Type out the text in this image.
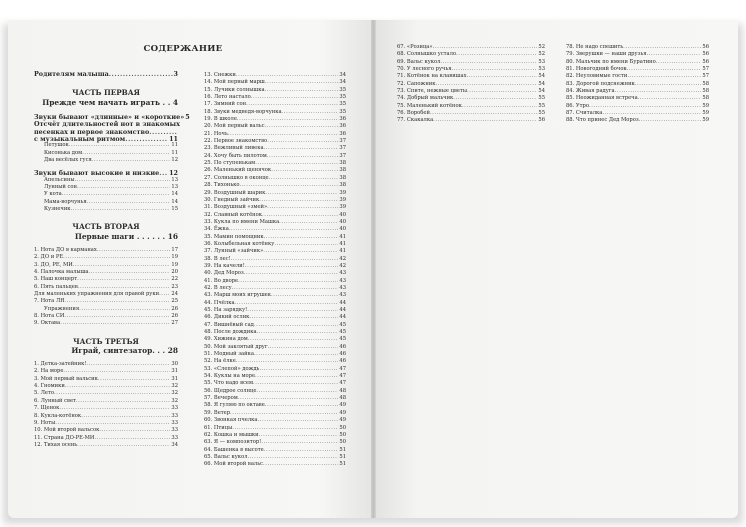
СОДЕРЖАНИЕ
Родителям малыша .....	3
ЧАСТЬ ПЕРВАЯ
Прежде чем начать играть . . 4
Звуки бывают «длинные» и «короткие» 5
Отсчёт длительностей нот в знакомых
песенках и первое знакомство
.....
с музыкальным ритмом .....	11
Петушок .....	11
Кисонька дом .....	11
Два весёлых гуся .....	12
Звуки бывают высокие и низкие ..... 12
Апельсины .....	13
Лунный сон .....	13
У кота .....	14
Мама-ворчунья .....	14
Кузнечик .....	15
ЧАСТЬ ВТОРАЯ
Первые шаги . . . . . . 16
1. Нота ДО в карманах .....	17
2. ДО и РЕ .....	19
3. ДО, РЕ, МИ .....	19
4. Палочка малыша .....	20
5. Наш концерт .....	22
6. Пять пальцев .....	23
Для маленьких упражнения для правой руки ..... 24
7. Нота ЛЯ .....	25
Упражнения .....	26
8. Нота СИ .....	26
9. Октава .....	27
ЧАСТЬ ТРЕТЬЯ
Играй, синтезатор. . . 28
1. Детка-затейник! .....	30
2. На море .....	31
3. Мой первый вальсик .....	31
4. Гномики .....	32
5. Лето .....	32
6. Лунный свет .....	32
7. Щенок .....	33
8. Кукла-котёнок .....	33
9. Ноты .....	33
10. Мой второй вальсок .....	33
11. Страна ДО-РЕ-МИ .....	33
12. Тихая осень .....	34
13. Снежки .....	34
14. Мой первый марш .....	34
15. Лучики солнышка .....	35
16. Лето настало .....	35
17. Зимний сон .....	35
18. Звуки медведя-ворчунка .....	35
19. В школе .....	36
20. Мой первый вальс .....	36
21. Ночь .....	36
22. Первое знакомство .....	37
23. Вежливый ливека .....	37
24. Хочу быть пилотом .....	37
25. По ступенькам .....	38
26. Маленький щенячок .....	38
27. Солнышко в оконце .....	38
28. Тихонько .....	38
29. Воздушный шарик .....	39
30. Гнедный зайчик .....	39
31. Воздушный «змей» .....	39
32. Славный котёнок .....	40
33. Кукла по имени Машка .....	40
34. Ёжка .....	40
35. Мамин помощник .....	41
36. Колыбельная котёнку .....	41
37. Лунный «зайчик» .....	41
38. В лес! .....	42
39. На качели! .....	42
40. Дед Мороз .....	43
41. Во дворе .....	43
42. В лесу .....	43
43. Марш моих игрушек .....	43
44. Пчёлка .....	44
45. На зарядку! .....	44
46. Дикий ослик .....	44
47. Вишнёвый сад .....	45
48. После дождика .....	45
49. Хижина дом .....	45
50. Мой заклятый друг .....	46
51. Модный зайка .....	46
52. На ёлке .....	46
53. «Слепой» дождь .....	47
54. Куклы на море .....	47
55. Что надо всем .....	47
56. Щедрое солнце .....	48
57. Вечером .....	48
58. Я гуляю по октаве .....	49
59. Ветер .....	49
60. Звонкая пчелка .....	49
61. Птицы .....	50
62. Кошка и мышки .....	50
63. Я — композитор! .....	50
64. Башенка в высоте .....	51
65. Вальс кукол .....	51
66. Мой второй вальс .....	51
67. «Розица» .....	52
68. Солнышко устало .....	52
69. Вальс кукол .....	53
70. У лесного ручья .....	53
71. Котёнок на клавишах .....	54
72. Сапожник .....	54
73. Спите, нежные цветы .....	54
74. Добрый мальчик .....	55
75. Маленький котёнок .....	55
76. Воробей .....	55
77. Скакалка .....	56
78. Не надо спешить .....	56
79. Зверушки — наши друзья .....	56
80. Мальчик по имени Буратино .....	56
81. Новогодний бочок .....	57
82. Неуловимые гости .....	57
83. Дорогой подснежник .....	58
84. Живая радуга .....	58
85. Неожиданная встреча .....	58
86. Утро .....	59
87. Считалка .....	59
88. Что принес Дед Мороз .....	59
